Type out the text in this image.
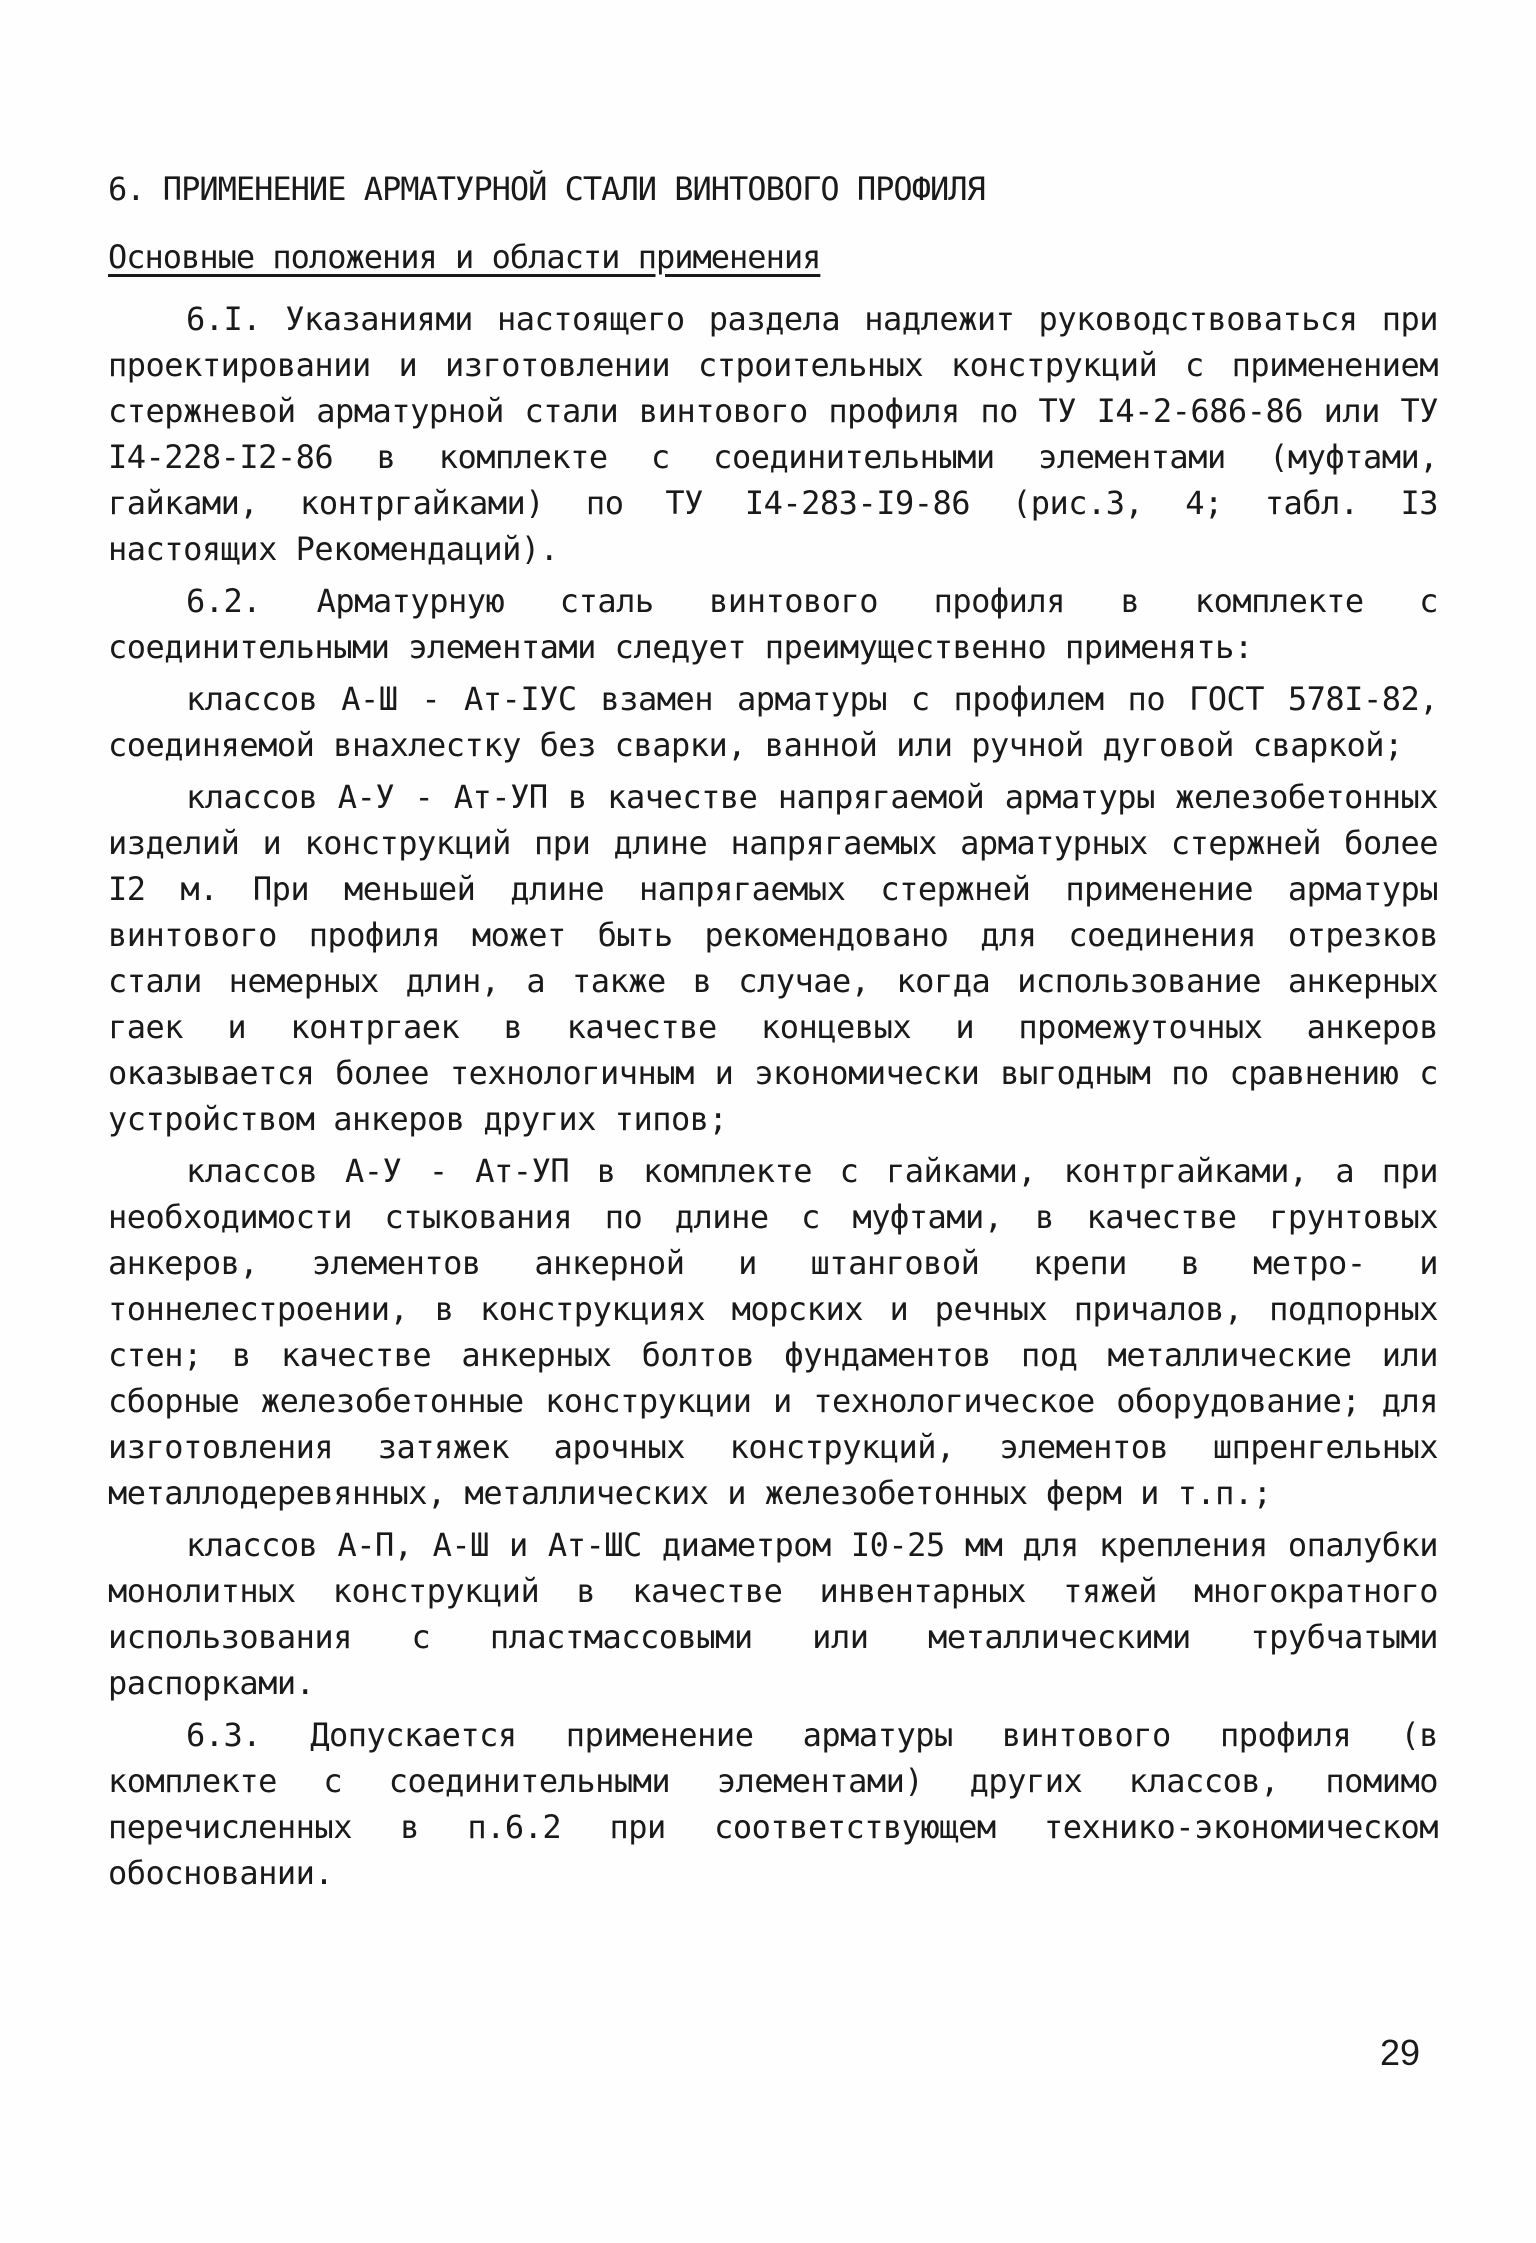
6. ПРИМЕНЕНИЕ АРМАТУРНОЙ СТАЛИ ВИНТОВОГО ПРОФИЛЯ
Основные положения и области применения

6.I. Указаниями настоящего раздела надлежит руководствоваться при проектировании и изготовлении строительных конструкций с применением стержневой арматурной стали винтового профиля по ТУ I4-2-686-86 или ТУ I4-228-I2-86 в комплекте с соединительными элементами (муфтами, гайками, контргайками) по ТУ I4-283-I9-86 (рис.3, 4; табл. I3 настоящих Рекомендаций).

6.2. Арматурную сталь винтового профиля в комплекте с соединительными элементами следует преимущественно применять:

классов А-Ш - Ат-IУС взамен арматуры с профилем по ГОСТ 578I-82, соединяемой внахлестку без сварки, ванной или ручной дуговой сваркой;

классов А-У - Ат-УП в качестве напрягаемой арматуры железобетонных изделий и конструкций при длине напрягаемых арматурных стержней более I2 м. При меньшей длине напрягаемых стержней применение арматуры винтового профиля может быть рекомендовано для соединения отрезков стали немерных длин, а также в случае, когда использование анкерных гаек и контргаек в качестве концевых и промежуточных анкеров оказывается более технологичным и экономически выгодным по сравнению с устройством анкеров других типов;

классов А-У - Ат-УП в комплекте с гайками, контргайками, а при необходимости стыкования по длине с муфтами, в качестве грунтовых анкеров, элементов анкерной и штанговой крепи в метро- и тоннелестроении, в конструкциях морских и речных причалов, подпорных стен; в качестве анкерных болтов фундаментов под металлические или сборные железобетонные конструкции и технологическое оборудование; для изготовления затяжек арочных конструкций, элементов шпренгельных металлодеревянных, металлических и железобетонных ферм и т.п.;

классов А-П, А-Ш и Ат-ШС диаметром I0-25 мм для крепления опалубки монолитных конструкций в качестве инвентарных тяжей многократного использования с пластмассовыми или металлическими трубчатыми распорками.

6.3. Допускается применение арматуры винтового профиля (в комплекте с соединительными элементами) других классов, помимо перечисленных в п.6.2 при соответствующем технико-экономическом обосновании.

29
